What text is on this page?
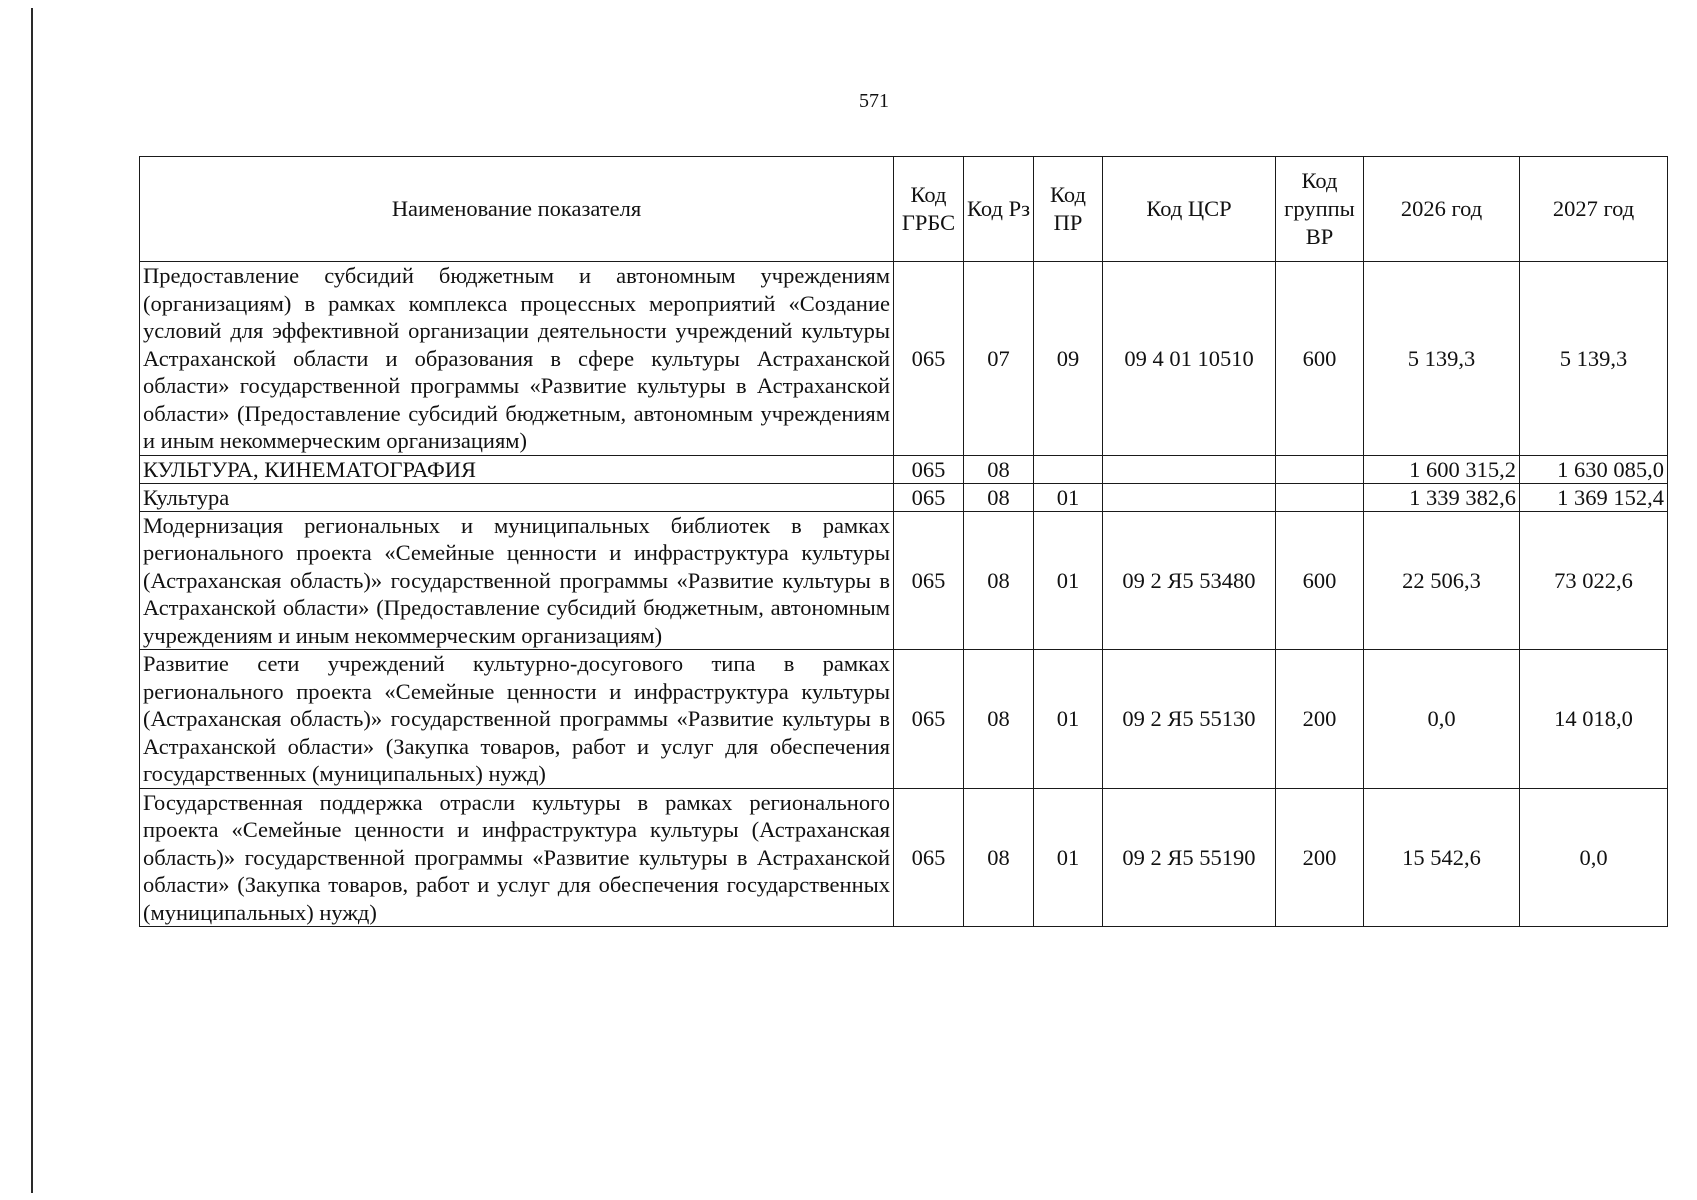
571
Наименование показателя	Код ГРБС	Код Рз	Код ПР	Код ЦСР	Код группы ВР	2026 год	2027 год
Предоставление субсидий бюджетным и автономным учреждениям (организациям) в рамках комплекса процессных мероприятий «Создание условий для эффективной организации деятельности учреждений культуры Астраханской области и образования в сфере культуры Астраханской области» государственной программы «Развитие культуры в Астраханской области» (Предоставление субсидий бюджетным, автономным учреждениям и иным некоммерческим организациям)	065	07	09	09 4 01 10510	600	5 139,3	5 139,3
КУЛЬТУРА, КИНЕМАТОГРАФИЯ	065	08				1 600 315,2	1 630 085,0
Культура	065	08	01			1 339 382,6	1 369 152,4
Модернизация региональных и муниципальных библиотек в рамках регионального проекта «Семейные ценности и инфраструктура культуры (Астраханская область)» государственной программы «Развитие культуры в Астраханской области» (Предоставление субсидий бюджетным, автономным учреждениям и иным некоммерческим организациям)	065	08	01	09 2 Я5 53480	600	22 506,3	73 022,6
Развитие сети учреждений культурно-досугового типа в рамках регионального проекта «Семейные ценности и инфраструктура культуры (Астраханская область)» государственной программы «Развитие культуры в Астраханской области» (Закупка товаров, работ и услуг для обеспечения государственных (муниципальных) нужд)	065	08	01	09 2 Я5 55130	200	0,0	14 018,0
Государственная поддержка отрасли культуры в рамках регионального проекта «Семейные ценности и инфраструктура культуры (Астраханская область)» государственной программы «Развитие культуры в Астраханской области» (Закупка товаров, работ и услуг для обеспечения государственных (муниципальных) нужд)	065	08	01	09 2 Я5 55190	200	15 542,6	0,0
